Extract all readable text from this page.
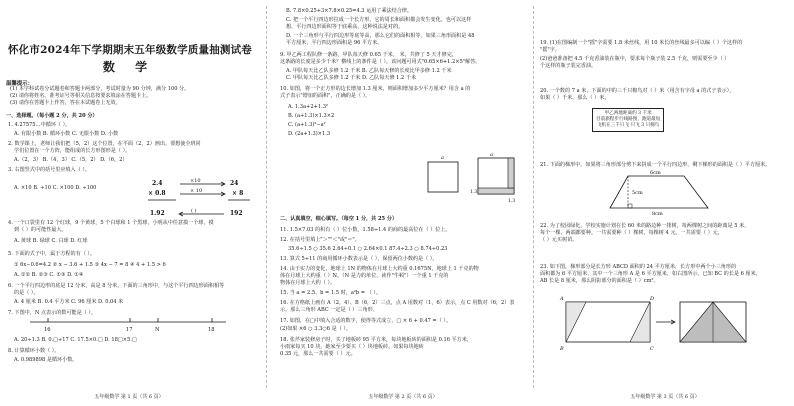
怀化市2024年下学期期末五年级数学质量抽测试卷
数 学
温馨提示：
(1) 本学科试卷分试题卷和答题卡两部分，考试时量为 90 分钟，满分 100 分。
(2) 请你将姓名、准考证号等相关信息按要求填涂在答题卡上。
(3) 请你在答题卡上作答，答在本试题卷上无效。
一、选择题。（每小题 2 分，共 20 分）
1. 4.27575…中循环（ ）。
A. 有限小数 B. 循环小数 C. 无限小数 D. 小数
2. 数学课上，老师让我们把（5，2）这个位置，在平面（2，2）画出。要想使全班同
学们位置在一个方阵，能组成的长方形图形是（ ）。
A.（2，3） B.（4，3） C.（5，2） D.（6，2）
3. 右图竖式中的括号里应填入（ ）。
A. ×10 B. ÷10 C. ×100 D. ÷100
2.4
× 0.8
1.92
24
× 8
192
×10
× 10
( )
4. 一个口袋里有 12 个红球，9 个黄球，5 个白球和 1 个黑球，小明从中任意摸一个球，摸
到（ ）的可能性最大。
A. 黄球 B. 绿球 C. 白球 D. 红球
5. 下面的式子中，属于方程的有（ ）。
① 6x−0.6=4.2 ② x − 3.6 + 1.5 ③ 4x − 7 = 8 ④ 4 + 1.5 > 6
A. ①② B. ②③ C. ①③ D. ①④
6. 一个平行四边形的底是 12 分米，高是 8 分米，下面的三角形中，与这个平行四边形面积相等
的是（ ）。
A. 4 厘米 B. 0.4 平方米 C. 96 厘米 D. 0.04 米
7. 下图中，N 点表示的数可能是（ ）。
16	17	N	18
A. 20÷1.3 B. 0.□÷17 C. 17.5×0.□ D. 18□×5.□
8. 计算循环小数（ ）。
A. 0.989898 是循环小数。
五年级数学 第 1 页（共 6 页）
B. 7.8×0.25+3×7.8×0.25=4.3 运用了乘法结合律。
C. 把一个平行四边形拉成一个长方形，它的周长和面积都会发生变化。也可以这样
想，平行四边形面积等于底乘高，这种说法是对的。
D. 一个三角形与平行四边形等底等高，那么它们的面积相等。如果三角形面积是 48
平方厘米，平行四边形面积是 96 平方米。
9. 甲乙两工程队修一条路，甲队每天修 0.65 千米， 米，共修了 5 天才修完，
这条路的长度是多少千米？横线上的条件是（ ）。该问题可用式"0.65×6+1.2×5"解答。
A. 甲队每天比乙队多修 1.2 千米 B. 乙队每天修的长度比甲多修 1.2 千米
C. 甲队每天比乙队多修 1.2 千米 D. 乙队每天修 1.2 千米
10. 如图，将一个正方形的边长增加 1.3 厘米，则面积增加多少平方厘米？用含 a 的
式子表示"增加的面积"，正确的是（ ）。
A. 1.3a+2+1.3²
B. (a+1.3)×1.3×2
C. (a+1.3)²−a²
D. (2a+1.3)×1.3
a	a
1.3
1.3
二、认真填空，细心填写。（每空 1 分，共 25 分）
11. 1.5×7.03 的积有（ ）位小数，1.58÷1.4 的商的最高位在（ ）位上。
12. 在括号里填上"＞""＜"或"＝"。
35.6÷1.5 ○ 35.6 2.64÷0.1 ○ 2.64×0.1 87.4÷2.3 ○ 8.74÷0.23
13. 算式 5÷11 的商用循环小数表示是（ ），保留两位小数约是（ ）。
14. 由于实力的变化，地球上 1N 的物体在月球上大约重 0.1675N，地球上 1 千克的物
体在月球上大约重（ ）N。（N 是力的单位，读作"牛顿"）一个重 1 千克的
物体在月球上大约（ ）。
15. 当 a = 2.5、b = 1.5 时，a²b = （ ）。
16. 在方格纸上画有 A（2，4）、B（6，2）三点，点 A 用数对（1，6）表示，点 C 用数对（6，2）表
示，那么三角形 ABC 一定是（ ）三角形。
17. 如图，在□中填入合适的数字，使得等式成立，□ × 6 + 0.47 =（ ）。
(2)如果 ×6 ○ 3.3○6 是（ ）。
18. 张芹家装修房子时，买了地板砖 95 平方米，每块地板砖的面积是 0.16 平方米，
小雨家每买 10 块，她家至少要买（ ）块地板砖。如果每块地砖
0.35 元，那么一共需要（ ）元。
五年级数学 第 2 页（共 6 页）
19. (1)在图编制一个"摇"字需要 1.8 米丝线，用 10 米长的丝线最多可以编（ ）个这样的
"摇"字。
(2)爸爸准备把 4.5 千克香油装在瓶中，要求每个瓶子装 2.5 千克，则需要至少（ ）
个这样的瓶子装完香油。
20. 一个数的 7 a 米，下面的中的三千只棉鸟对（ ）米（用含有字母 a 的式子表示），
如果（ ）千米，那么（ ）米。
甲乙两地距离约 3 千米
目前旅程步行线路图，跑道最短
飞机在三千只飞 只飞 3 只棉鸟
21. 下面的梯形中，如果将三角形部分剪下来拼成一个平行四边形，剩下梯形的面积是（ ）平方厘米。
6cm
5cm
8cm
22. 为了校园绿化，学校实施计划在长 60 米的路边种一排树，每两棵树之间的距离是 5 米，
每个一棵，两端都要种。一共需要种（ ）棵树，每棵树 4 元，一共需要（ ）元，
（ ）元买树苗。
23. 如下图，梯形部分是长方形 ABCD 面积的 24 平方厘米，长方形中两个小三角形的
面积都为 6 平方厘米，其中一个三角形 A 是 6 平方厘米，如右图所示，已知 BC 的长是 6 厘米，
AB 长是 8 厘米，那么阴影部分的面积是（ ）cm²。
A
B	C
D
五年级数学 第 3 页（共 6 页）
